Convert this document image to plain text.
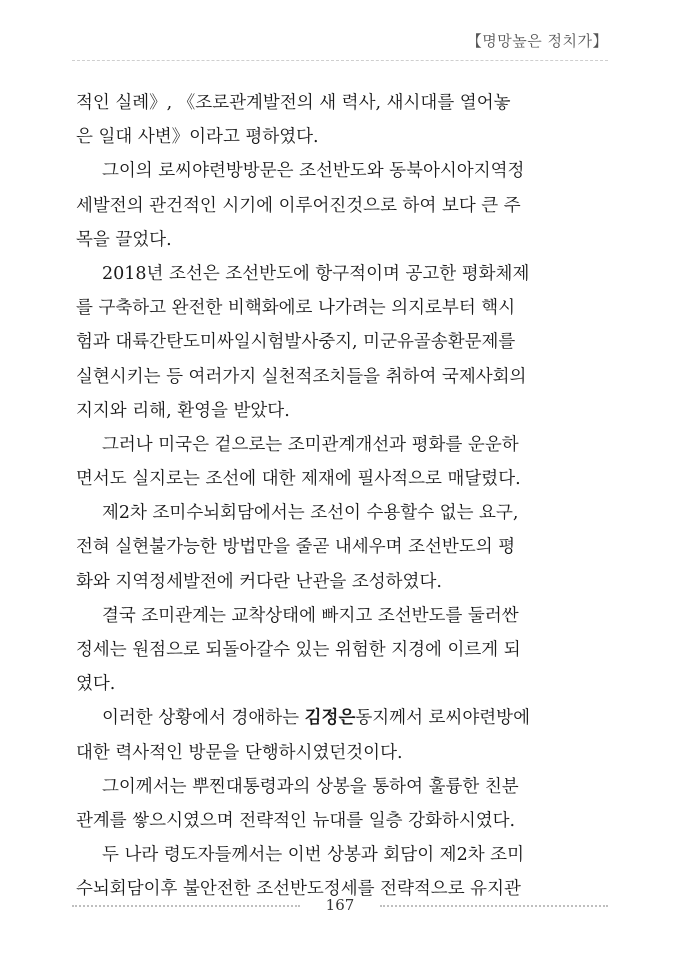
【명망높은 정치가】
적인 실례》, 《조로관계발전의 새 력사, 새시대를 열어놓
은 일대 사변》이라고 평하였다.
그이의 로씨야련방방문은 조선반도와 동북아시아지역정
세발전의 관건적인 시기에 이루어진것으로 하여 보다 큰 주
목을 끌었다.
2018년 조선은 조선반도에 항구적이며 공고한 평화체제
를 구축하고 완전한 비핵화에로 나가려는 의지로부터 핵시
험과 대륙간탄도미싸일시험발사중지, 미군유골송환문제를
실현시키는 등 여러가지 실천적조치들을 취하여 국제사회의
지지와 리해, 환영을 받았다.
그러나 미국은 겉으로는 조미관계개선과 평화를 운운하
면서도 실지로는 조선에 대한 제재에 필사적으로 매달렸다.
제2차 조미수뇌회담에서는 조선이 수용할수 없는 요구,
전혀 실현불가능한 방법만을 줄곧 내세우며 조선반도의 평
화와 지역정세발전에 커다란 난관을 조성하였다.
결국 조미관계는 교착상태에 빠지고 조선반도를 둘러싼
정세는 원점으로 되돌아갈수 있는 위험한 지경에 이르게 되
였다.
이러한 상황에서 경애하는 김정은동지께서 로씨야련방에
대한 력사적인 방문을 단행하시였던것이다.
그이께서는 뿌찐대통령과의 상봉을 통하여 훌륭한 친분
관계를 쌓으시였으며 전략적인 뉴대를 일층 강화하시였다.
두 나라 령도자들께서는 이번 상봉과 회담이 제2차 조미
수뇌회담이후 불안전한 조선반도정세를 전략적으로 유지관
167
